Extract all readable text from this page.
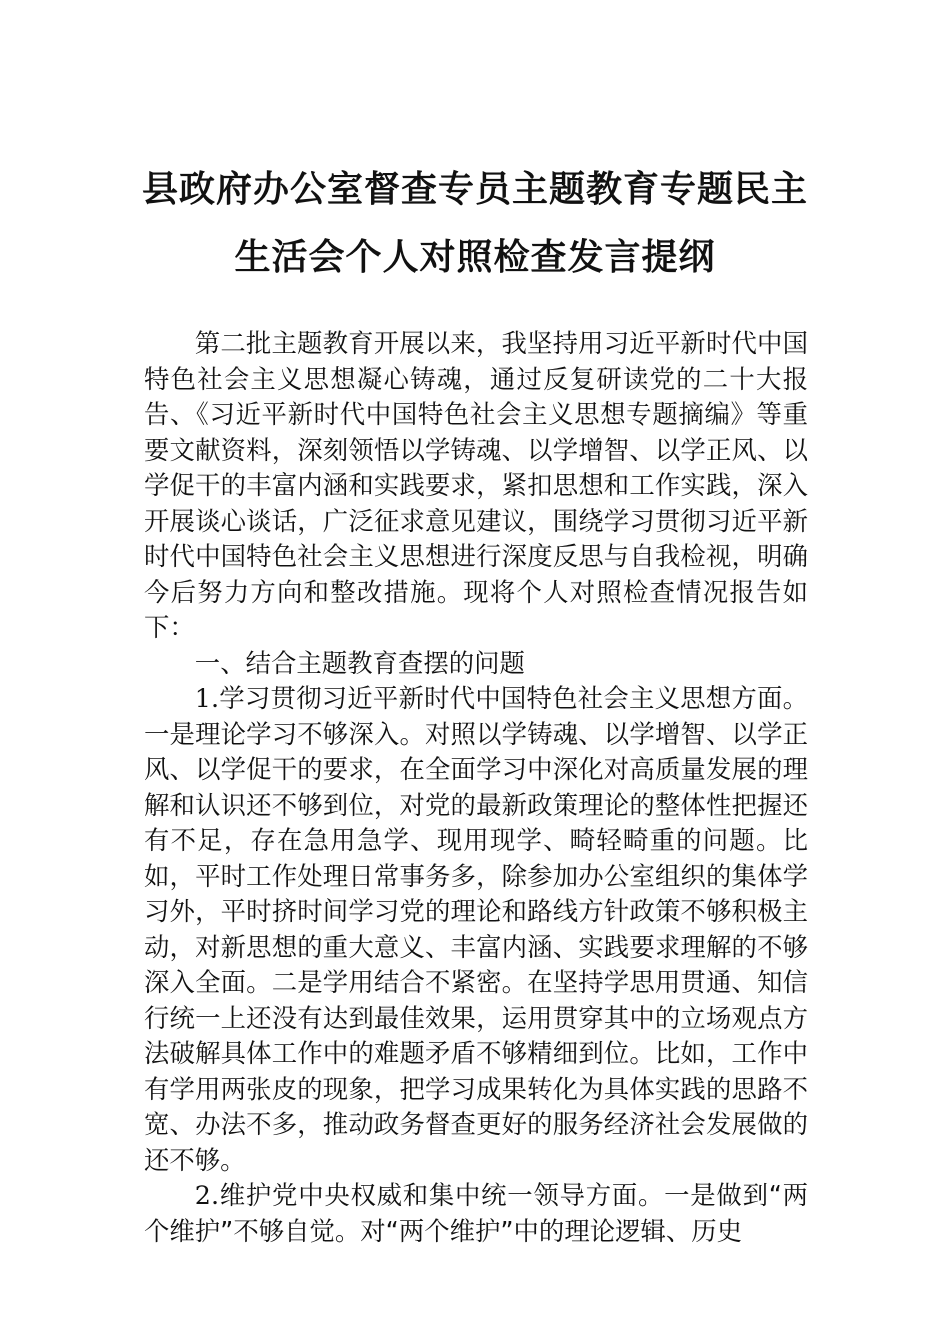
县政府办公室督查专员主题教育专题民主
生活会个人对照检查发言提纲

第二批主题教育开展以来，我坚持用习近平新时代中国特色社会主义思想凝心铸魂，通过反复研读党的二十大报告、《习近平新时代中国特色社会主义思想专题摘编》等重要文献资料，深刻领悟以学铸魂、以学增智、以学正风、以学促干的丰富内涵和实践要求，紧扣思想和工作实践，深入开展谈心谈话，广泛征求意见建议，围绕学习贯彻习近平新时代中国特色社会主义思想进行深度反思与自我检视，明确今后努力方向和整改措施。现将个人对照检查情况报告如下：

一、结合主题教育查摆的问题

1.学习贯彻习近平新时代中国特色社会主义思想方面。一是理论学习不够深入。对照以学铸魂、以学增智、以学正风、以学促干的要求，在全面学习中深化对高质量发展的理解和认识还不够到位，对党的最新政策理论的整体性把握还有不足，存在急用急学、现用现学、畸轻畸重的问题。比如，平时工作处理日常事务多，除参加办公室组织的集体学习外，平时挤时间学习党的理论和路线方针政策不够积极主动，对新思想的重大意义、丰富内涵、实践要求理解的不够深入全面。二是学用结合不紧密。在坚持学思用贯通、知信行统一上还没有达到最佳效果，运用贯穿其中的立场观点方法破解具体工作中的难题矛盾不够精细到位。比如，工作中有学用两张皮的现象，把学习成果转化为具体实践的思路不宽、办法不多，推动政务督查更好的服务经济社会发展做的还不够。

2.维护党中央权威和集中统一领导方面。一是做到“两个维护”不够自觉。对“两个维护”中的理论逻辑、历史
